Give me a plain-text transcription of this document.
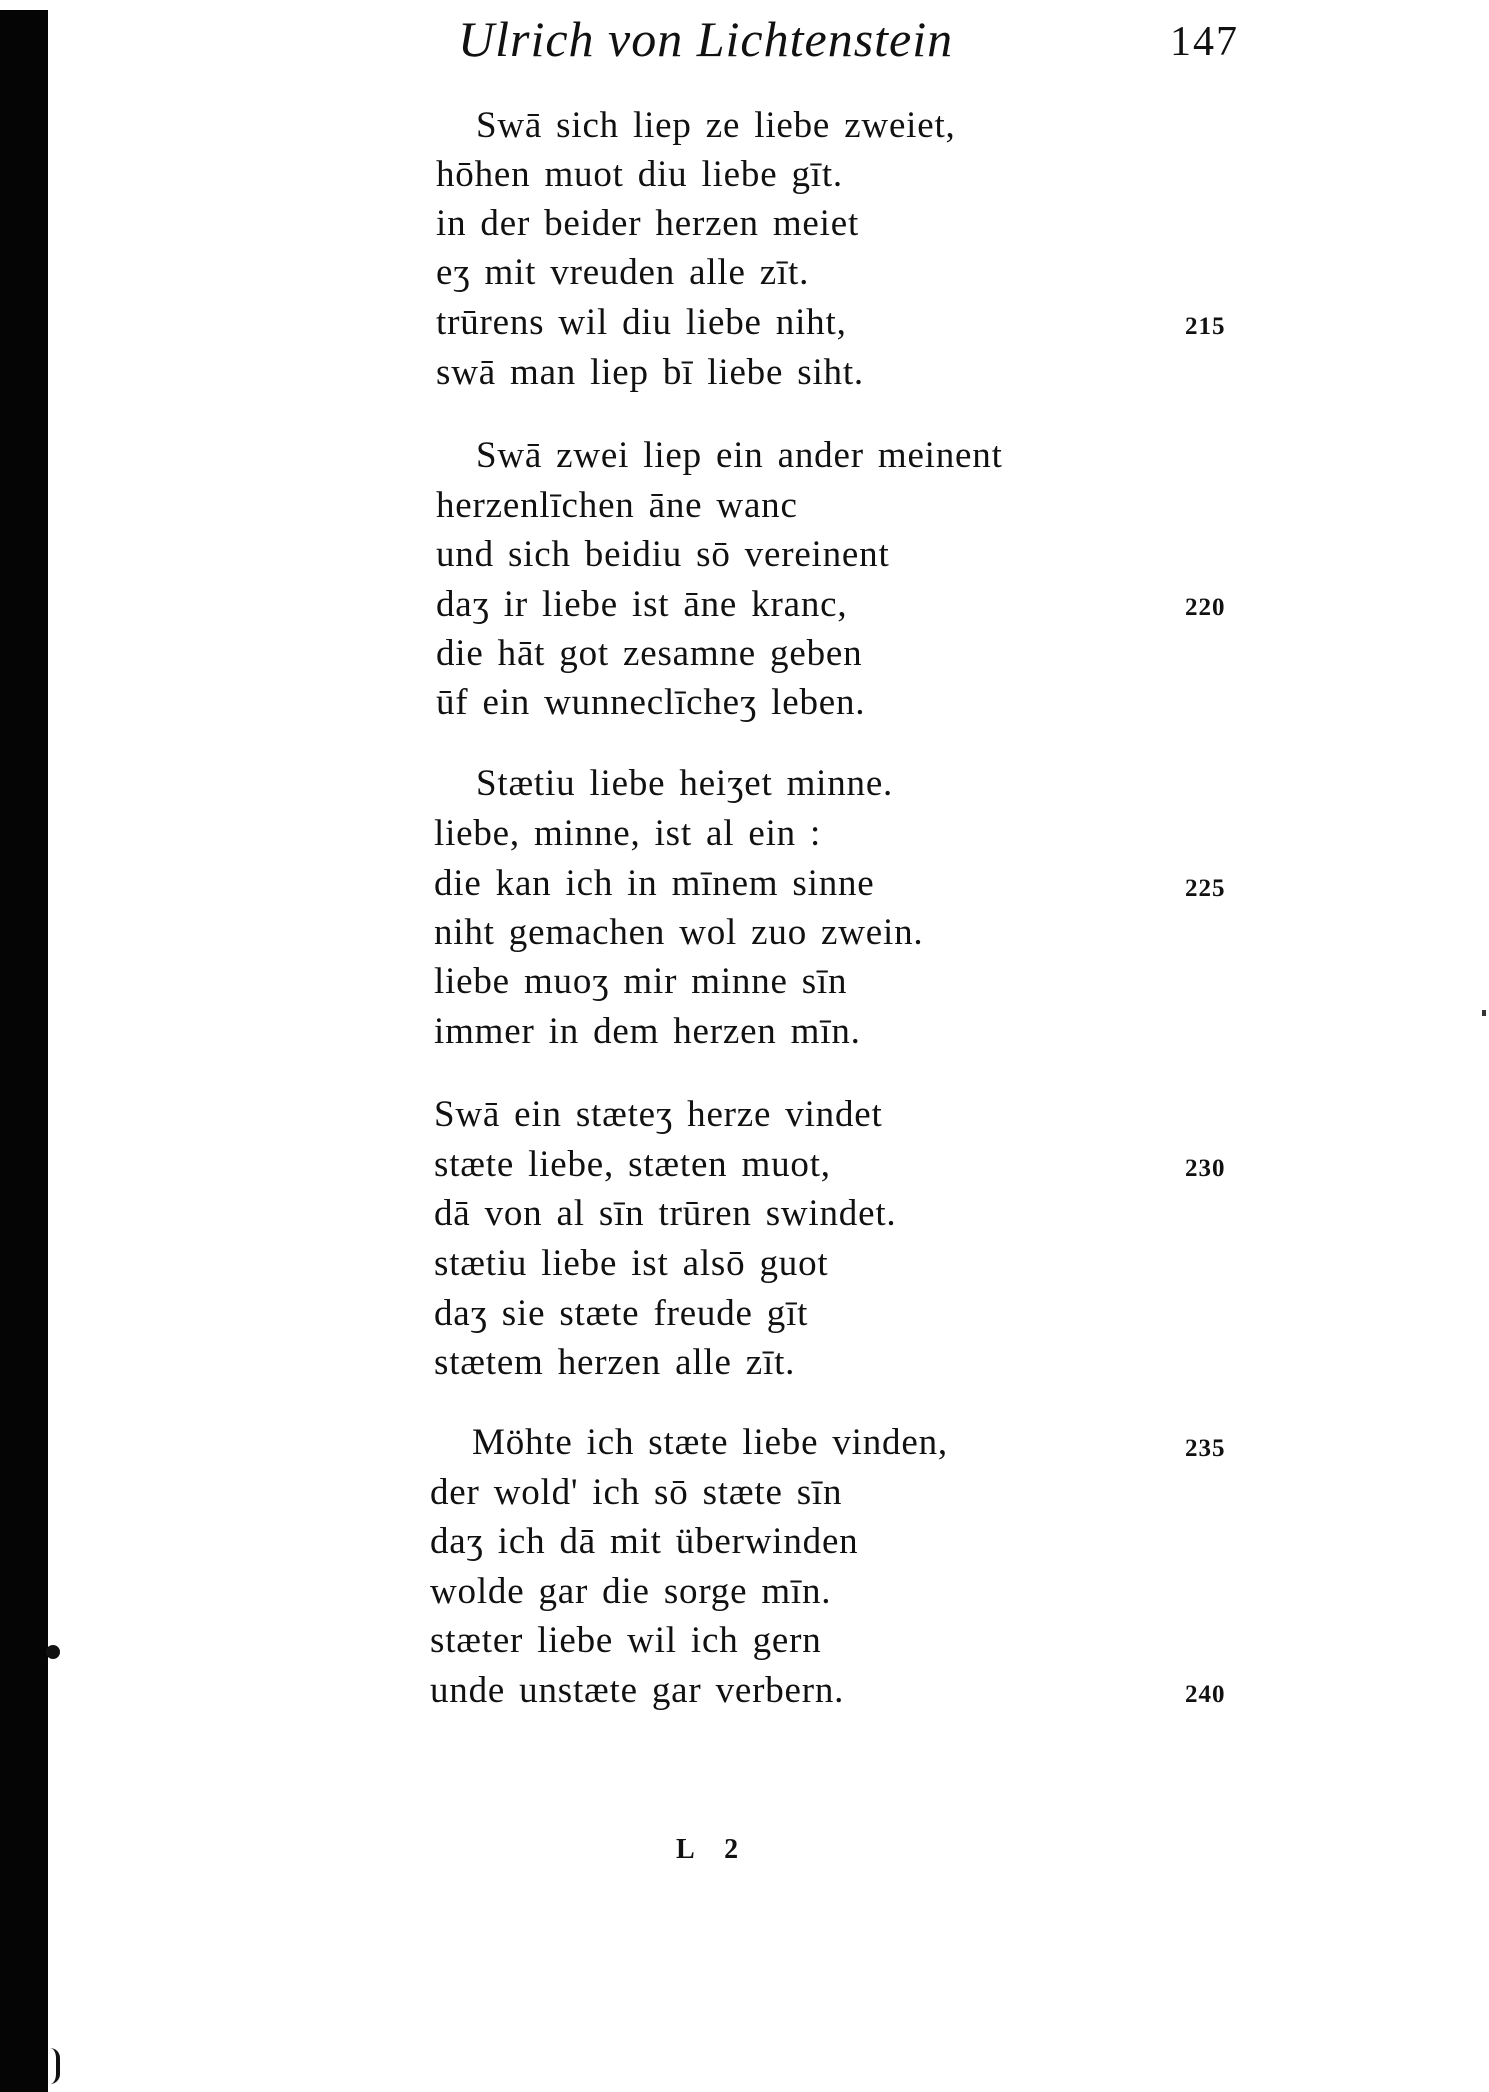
Ulrich von Lichtenstein	147
Swā sich liep ze liebe zweiet,
hōhen muot diu liebe gīt.
in der beider herzen meiet
eʒ mit vreuden alle zīt.
trūrens wil diu liebe niht,
swā man liep bī liebe siht.
Swā zwei liep ein ander meinent
herzenlīchen āne wanc
und sich beidiu sō vereinent
daʒ ir liebe ist āne kranc,
die hāt got zesamne geben
ūf ein wunneclīcheʒ leben.
Stætiu liebe heiʒet minne.
liebe, minne, ist al ein :
die kan ich in mīnem sinne
niht gemachen wol zuo zwein.
liebe muoʒ mir minne sīn
immer in dem herzen mīn.
Swā ein stæteʒ herze vindet
stæte liebe, stæten muot,
dā von al sīn trūren swindet.
stætiu liebe ist alsō guot
daʒ sie stæte freude gīt
stætem herzen alle zīt.
Möhte ich stæte liebe vinden,
der wold' ich sō stæte sīn
daʒ ich dā mit überwinden
wolde gar die sorge mīn.
stæter liebe wil ich gern
unde unstæte gar verbern.
215
220
225
230
235
240
L 2
